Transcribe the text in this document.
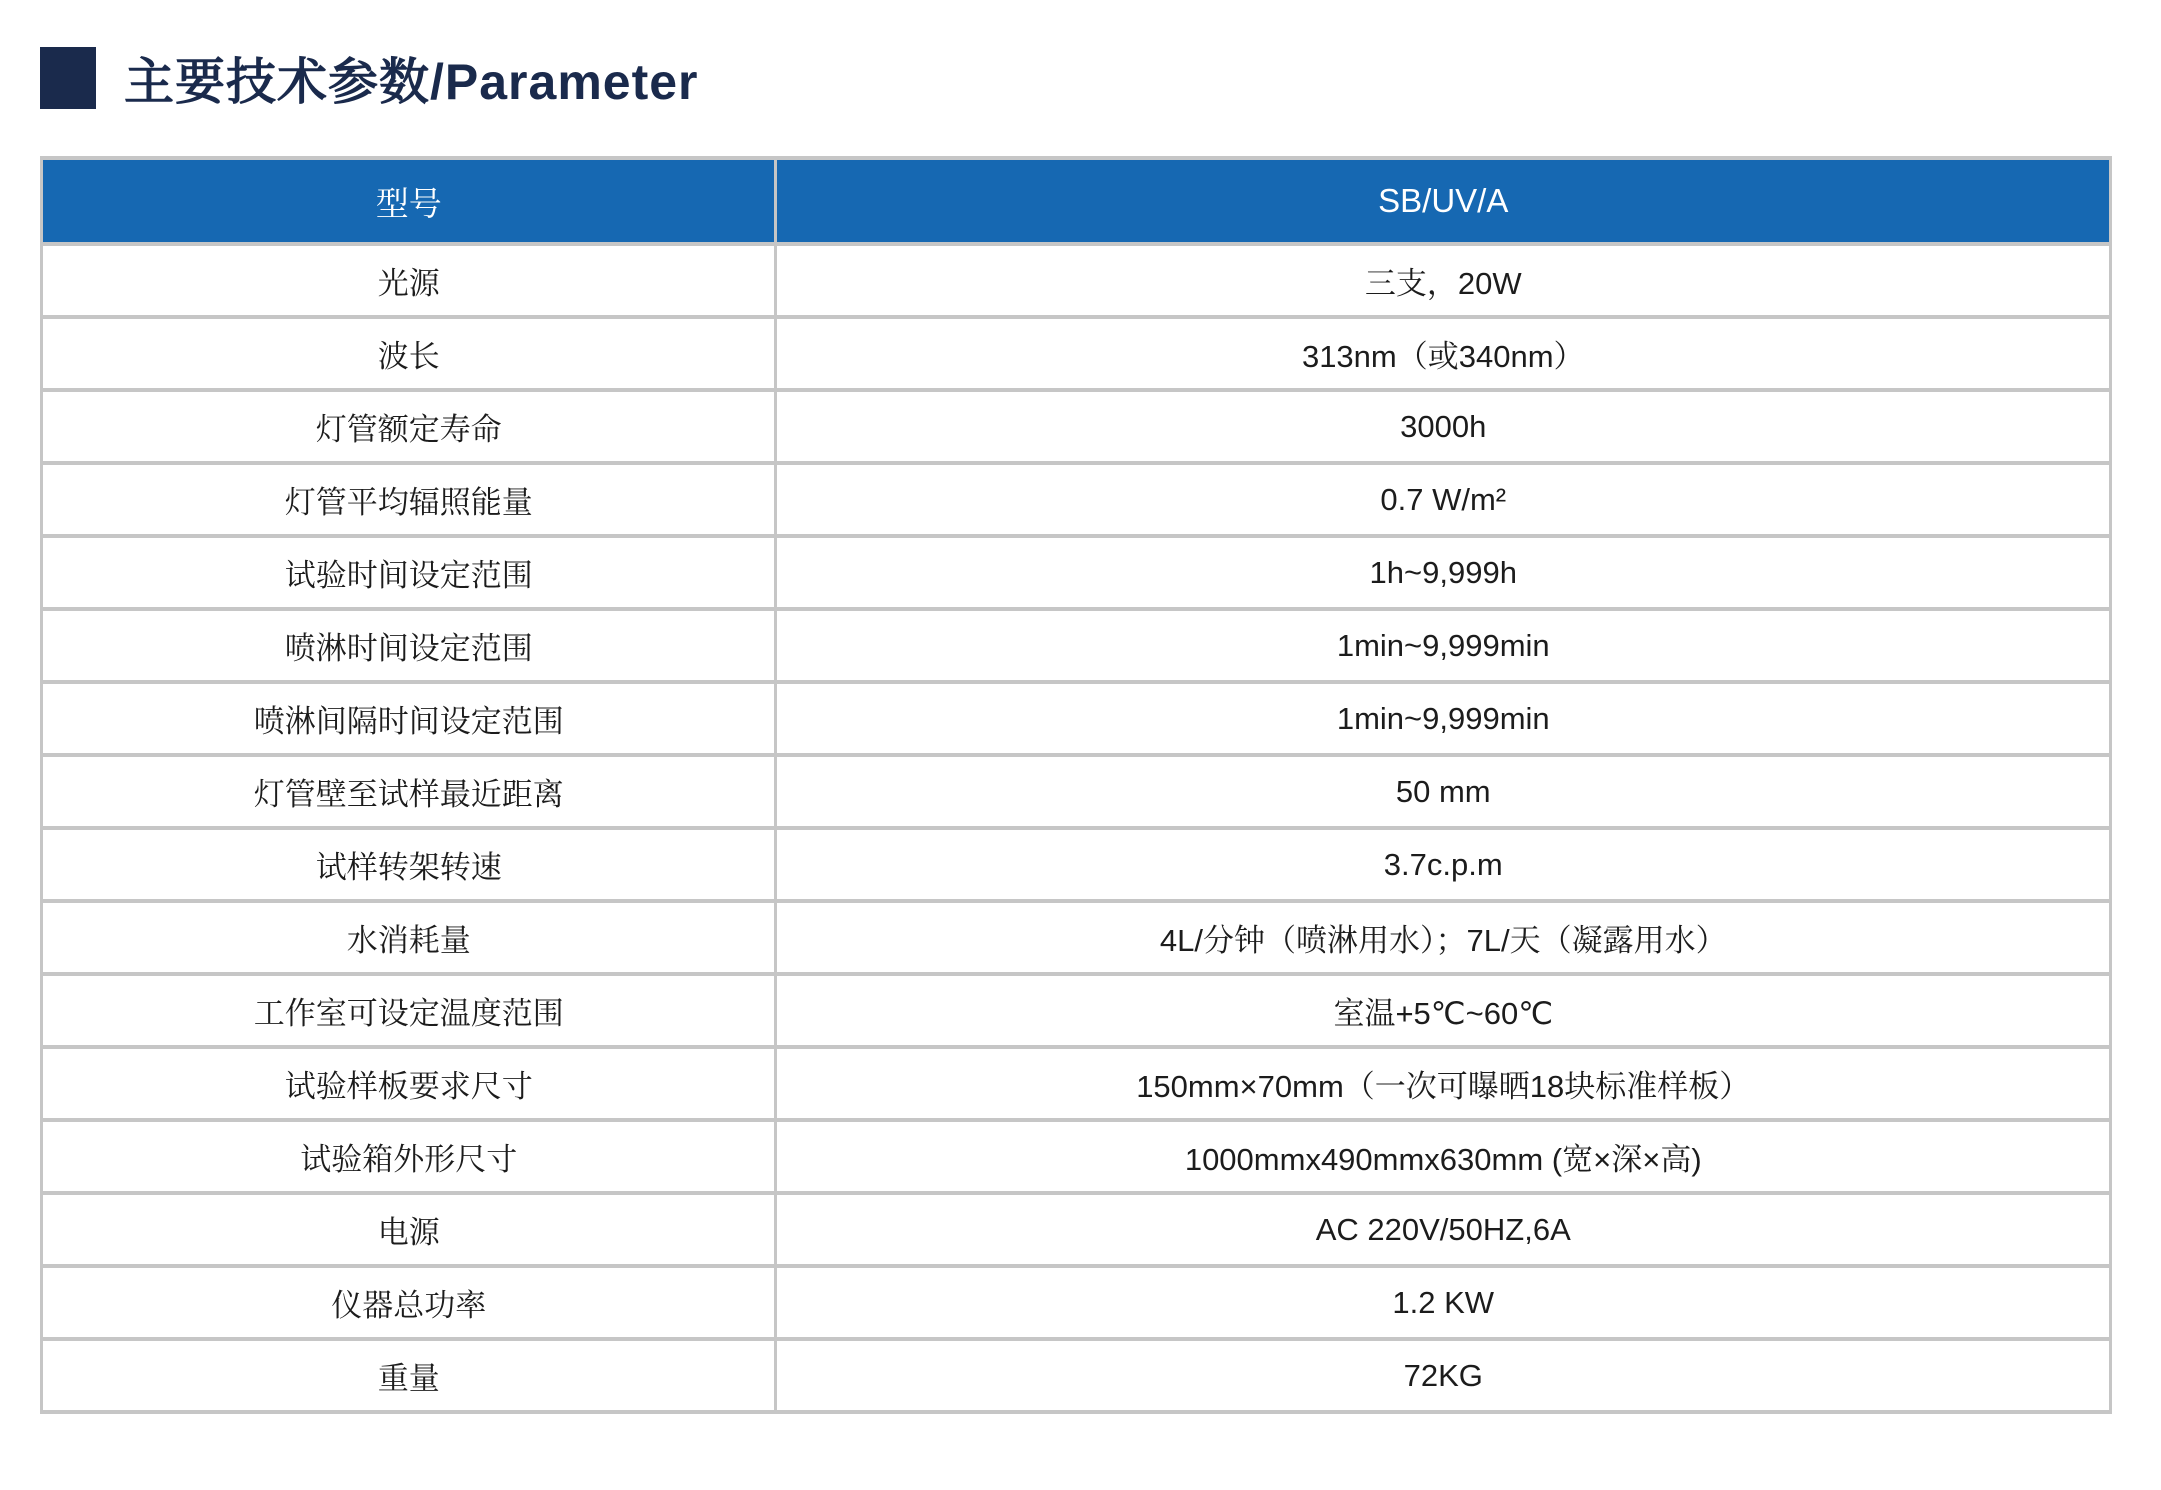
主要技术参数/Parameter
型号	SB/UV/A
光源	三支，20W
波长	313nm（或340nm）
灯管额定寿命	3000h
灯管平均辐照能量	0.7 W/m²
试验时间设定范围	1h~9,999h
喷淋时间设定范围	1min~9,999min
喷淋间隔时间设定范围	1min~9,999min
灯管壁至试样最近距离	50 mm
试样转架转速	3.7c.p.m
水消耗量	4L/分钟（喷淋用水）；7L/天（凝露用水）
工作室可设定温度范围	室温+5℃~60℃
试验样板要求尺寸	150mm×70mm（一次可曝晒18块标准样板）
试验箱外形尺寸	1000mmx490mmx630mm (宽×深×高)
电源	AC 220V/50HZ,6A
仪器总功率	1.2 KW
重量	72KG
